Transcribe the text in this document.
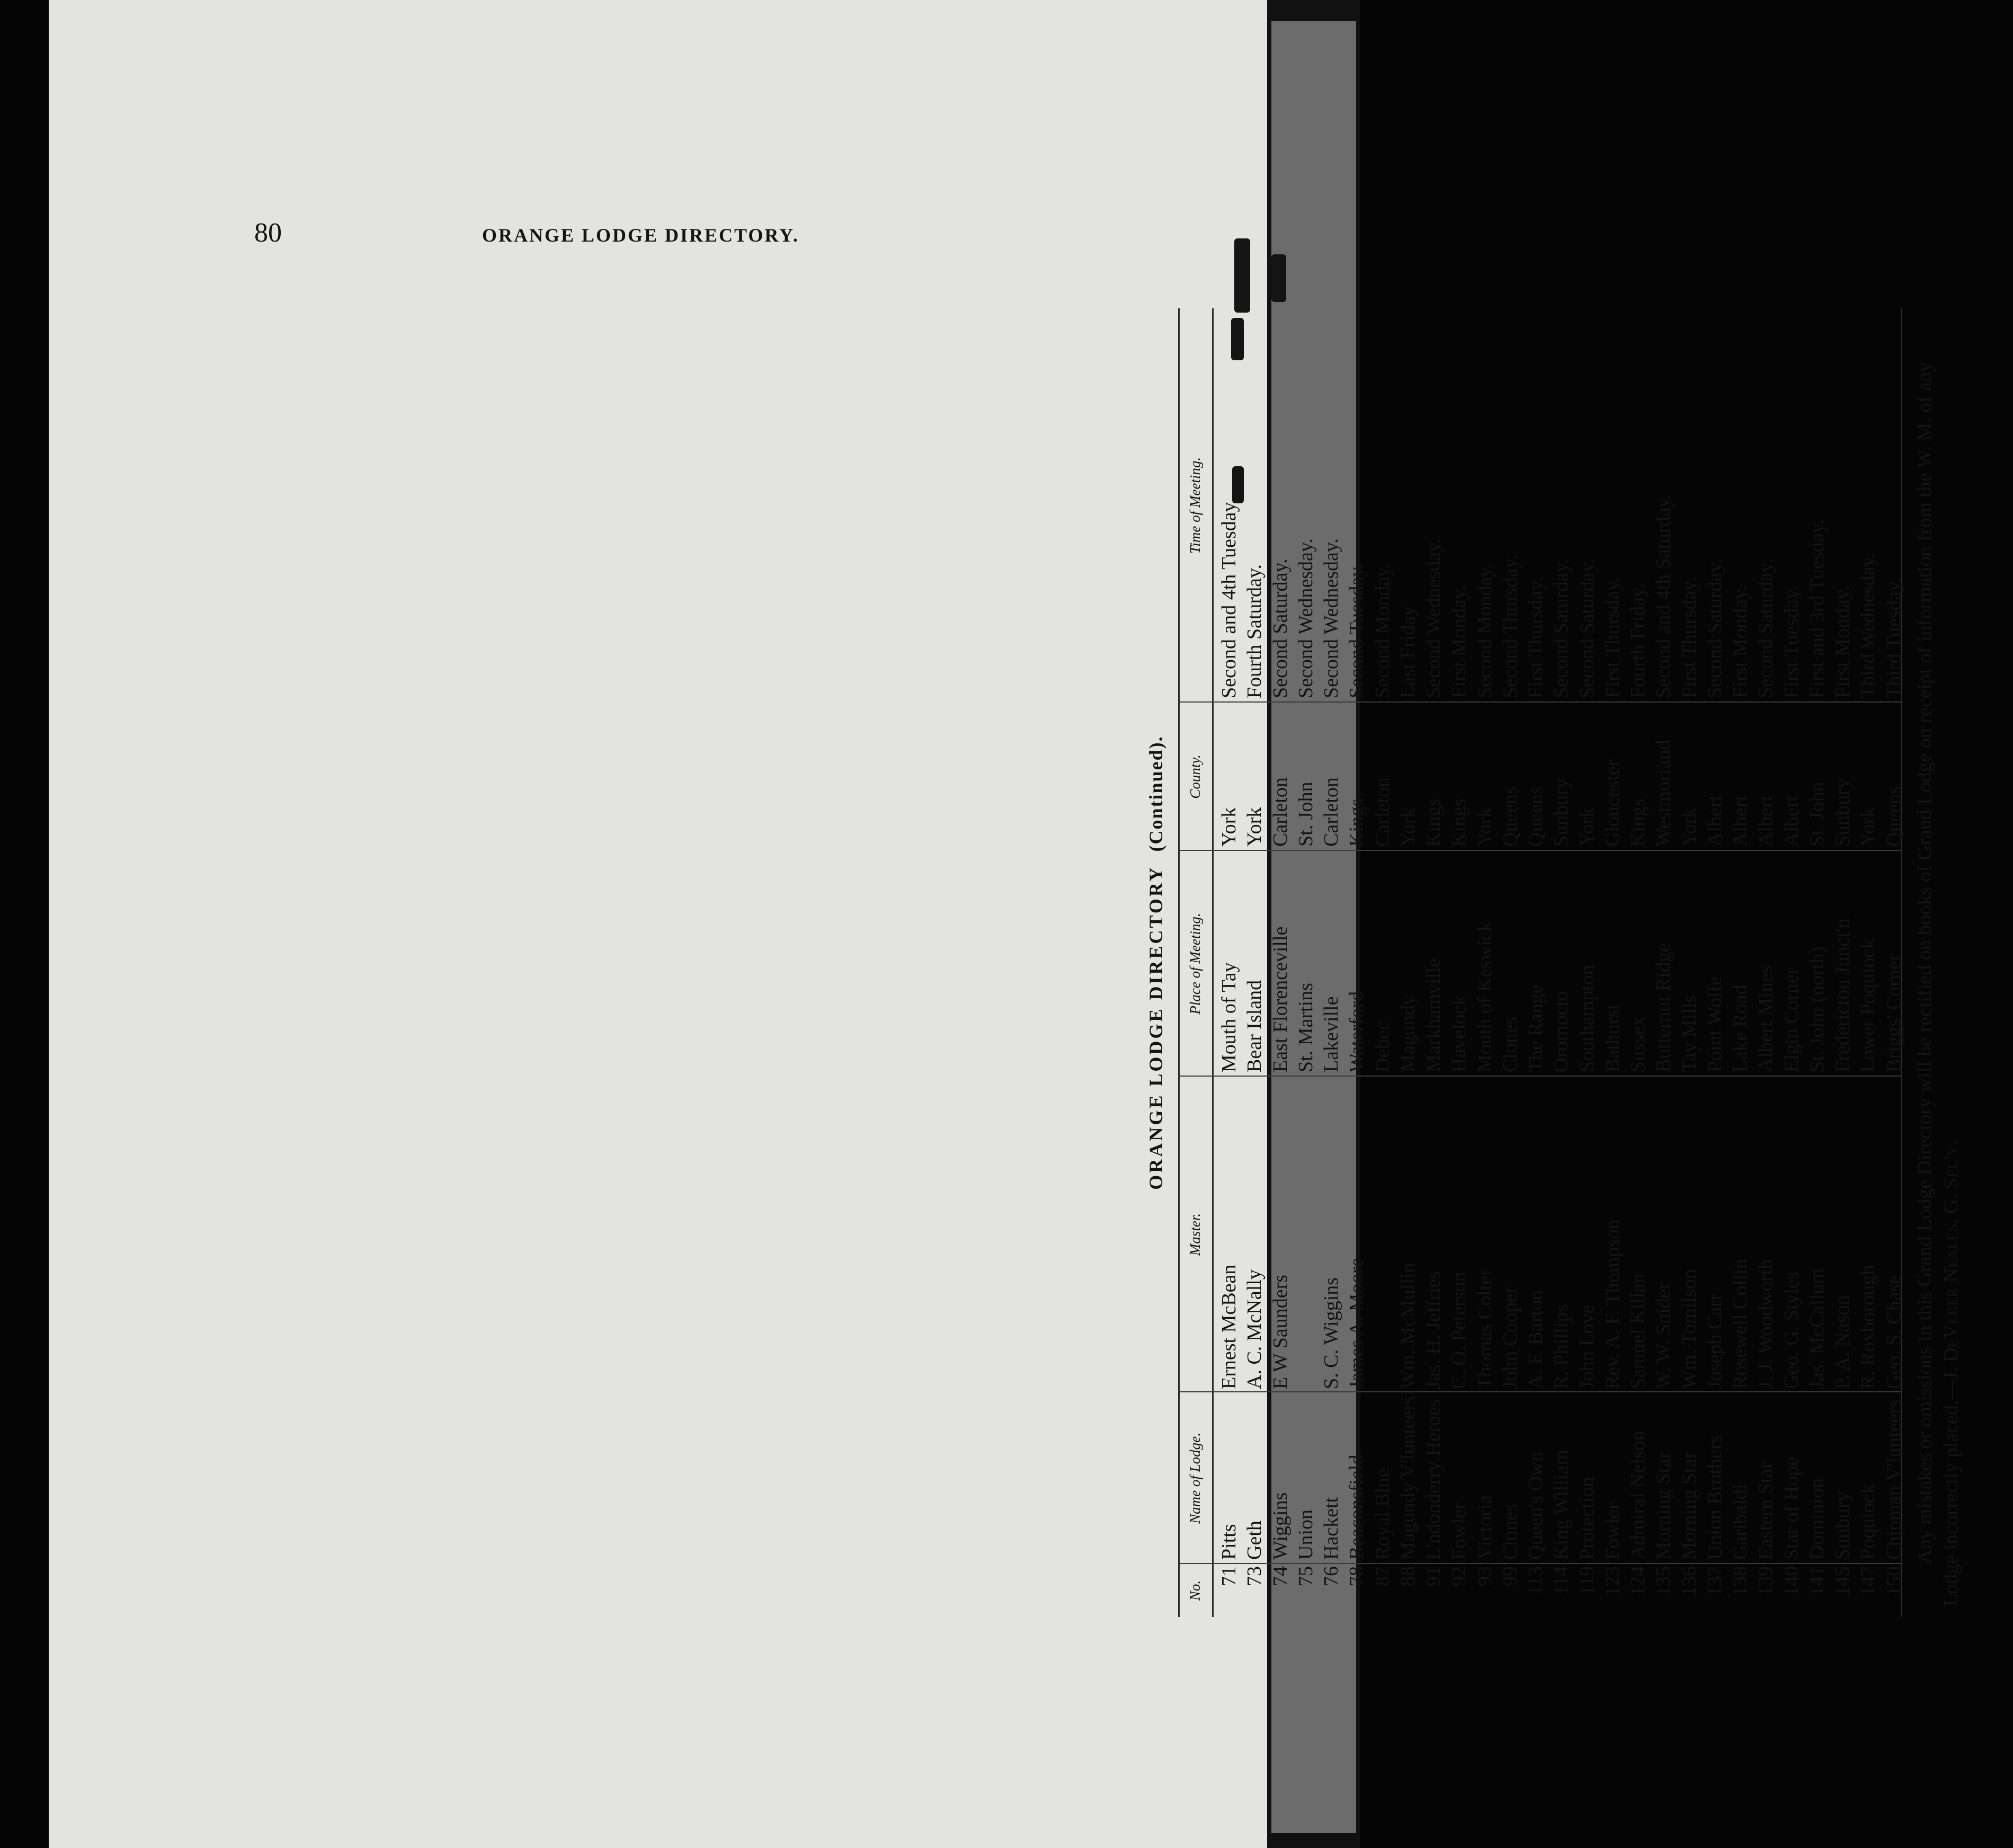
80	ORANGE LODGE DIRECTORY.
ORANGE LODGE DIRECTORY(Continued).
No.
Name of Lodge.
Master.
Place of Meeting.
County.
Time of Meeting.
71
Pitts
Ernest McBean
Mouth of Tay
York
Second and 4th Tuesday.
73
Geth
A. C. McNally
Bear Island
York
Fourth Saturday.
74
Wiggins
E W Saunders
East Florenceville
Carleton
Second Saturday.
75
Union
St. Martins
St. John
Second Wednesday.
76
Hackett
S. C. Wiggins
Lakeville
Carleton
Second Wednesday.
78
Beaconsfield
James A. Moore
Waterford
Kings
Second Tuesday.
87
Royal Blue
Debec
Carleton
Second Monday.
88
Magundy V'lunteers
Wm. McMullin
Magundy
York
Last Friday
91
L'ndonderry Heroes
Jas. H. Jeffries
Markhamville
Kings
Second Wednesday.
92
Fowler
C. O. Peterson
Havelock
Kings
First Monday.
93
Victoria
Thomas Colter
Mouth of Keswick
York
Second Monday.
99
Clones
John Cooper
Clones
Queens
Second Thursday.
113
Queen's Own
A. F. Barton
The Range
Queens
First Thursday.
114
King William
R. Phillips
Oromocto
Sunbury
Second Saturday.
119
Protection
John Love
Southampton
York
Second Saturday.
123
Fowler
Rev. A. F. Thompson
Bathurst
Gloucester
First Thursday.
124
Admiral Nelson
Samuel Killan
Sussex
Kings
Fourth Friday.
135
Morning Star
W. W. Snider
Butternut Ridge
Westmoriand
Second and 4th Saturday.
136
Morning Star
Wm. Tomilson
Tay Mills
York
First Thursday.
137
Union Brothers
Joseph Carr
Point Wolfe
Albert
Second Saturday.
138
Garibaldi
Rosewell Collin
Lake Road
Albert
First Monday.
139
Eastern Star
J. J. Woodworth
Albert Mines
Albert
Second Saturday.
140
Star of Hope
Geo. G. Styles
Elgin Corner
Albert
First Tuesday.
141
Dominion
Jas. McCallum
St. John (north)
St. John
First and 3rd Tuesday.
145
Sunbury
P. A. Nason
Fredericton Junct'n
Sunbury
First Monday.
147
Poquiock
R. Roxborough
Lower Poquiock
York
Third Wednesday.
150
Chipman V'lunteers
Geo. S. Chase
Briggs' Corner
Queens
Third Tuesday. Any mistakes or omissions in this Grand Lodge Directory will be rectified on books of Grand Lodge on receipt of information from the W. M. of any Lodge incorrectly placed.—J. DeVeber Neales, G. Sec'y.
